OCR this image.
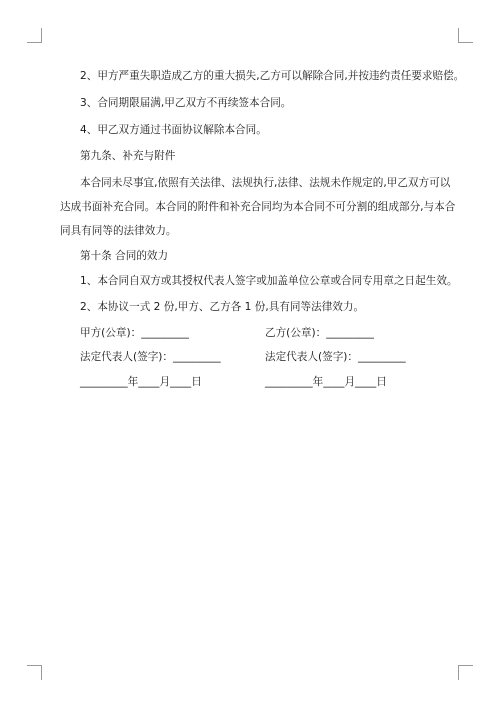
2、甲方严重失职造成乙方的重大损失,乙方可以解除合同,并按违约责任要求赔偿。
3、合同期限届满,甲乙双方不再续签本合同。
4、甲乙双方通过书面协议解除本合同。
第九条、补充与附件
本合同未尽事宜,依照有关法律、法规执行,法律、法规未作规定的,甲乙双方可以
达成书面补充合同。本合同的附件和补充合同均为本合同不可分割的组成部分,与本合
同具有同等的法律效力。
第十条 合同的效力
1、本合同自双方或其授权代表人签字或加盖单位公章或合同专用章之日起生效。
2、本协议一式 2 份,甲方、乙方各 1 份,具有同等法律效力。
甲方(公章)：_________	乙方(公章)：_________
法定代表人(签字)：_________	法定代表人(签字)：_________
_________年____月____日	_________年____月____日
